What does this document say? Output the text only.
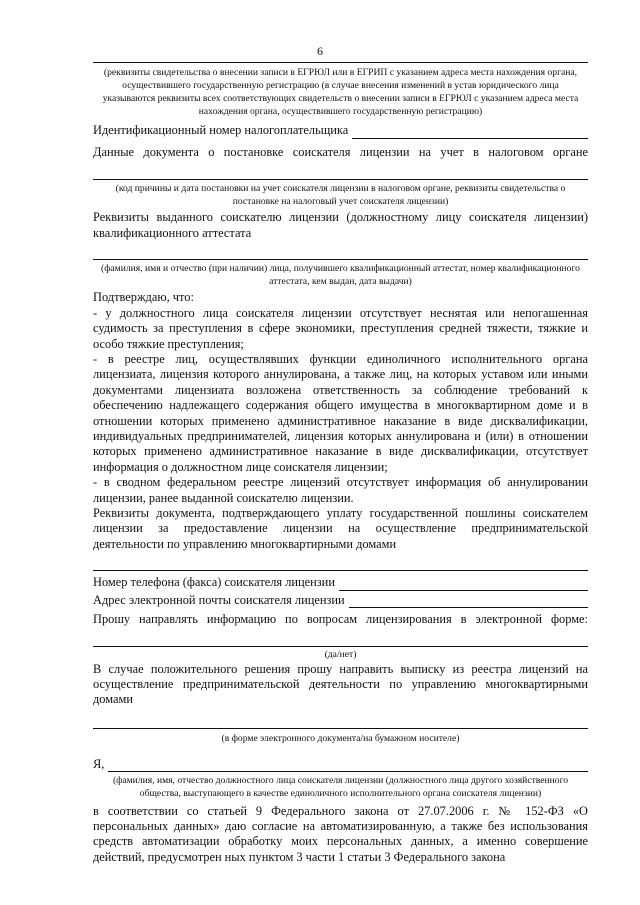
6
(реквизиты свидетельства о внесении записи в ЕГРЮЛ или в ЕГРИП с указанием адреса места нахождения органа, осуществившего государственную регистрацию (в случае внесения изменений в устав юридического лица
указываются реквизиты всех соответствующих свидетельств о внесении записи в ЕГРЮЛ с указанием адреса места нахождения органа, осуществившего государственную регистрацию)
Идентификационный номер налогоплательщика
Данные документа о постановке соискателя лицензии на учет в налоговом органе
(код причины и дата постановки на учет соискателя лицензии в налоговом органе, реквизиты свидетельства о постановке на налоговый учет соискателя лицензии)
Реквизиты выданного соискателю лицензии (должностному лицу соискателя лицензии) квалификационного аттестата
(фамилия, имя и отчество (при наличии) лица, получившего квалификационный аттестат, номер квалификационного аттестата, кем выдан, дата выдачи)
Подтверждаю, что:
- у должностного лица соискателя лицензии отсутствует неснятая или непогашенная судимость за преступления в сфере экономики, преступления средней тяжести, тяжкие и особо тяжкие преступления;
- в реестре лиц, осуществлявших функции единоличного исполнительного органа лицензиата, лицензия которого аннулирована, а также лиц, на которых уставом или иными документами лицензиата возложена ответственность за соблюдение требований к обеспечению надлежащего содержания общего имущества в многоквартирном доме и в отношении которых применено административное наказание в виде дисквалификации, индивидуальных предпринимателей, лицензия которых аннулирована и (или) в отношении которых применено административное наказание в виде дисквалификации, отсутствует информация о должностном лице соискателя лицензии;
- в сводном федеральном реестре лицензий отсутствует информация об аннулировании лицензии, ранее выданной соискателю лицензии.
Реквизиты документа, подтверждающего уплату государственной пошлины соискателем лицензии за предоставление лицензии на осуществление предпринимательской деятельности по управлению многоквартирными домами
Номер телефона (факса) соискателя лицензии
Адрес электронной почты соискателя лицензии
Прошу направлять информацию по вопросам лицензирования в электронной форме:
(да/нет)
В случае положительного решения прошу направить выписку из реестра лицензий на осуществление предпринимательской деятельности по управлению многоквартирными домами
(в форме электронного документа/на бумажном носителе)
Я,
(фамилия, имя, отчество должностного лица соискателя лицензии (должностного лица другого хозяйственного общества, выступающего в качестве единоличного исполнительного органа соискателя лицензии)
в соответствии со статьей 9 Федерального закона от 27.07.2006 г. № 152-ФЗ «О персональных данных» даю согласие на автоматизированную, а также без использования средств автоматизации обработку моих персональных данных, а именно совершение действий, предусмотрен ных пунктом 3 части 1 статьи 3 Федерального закона
